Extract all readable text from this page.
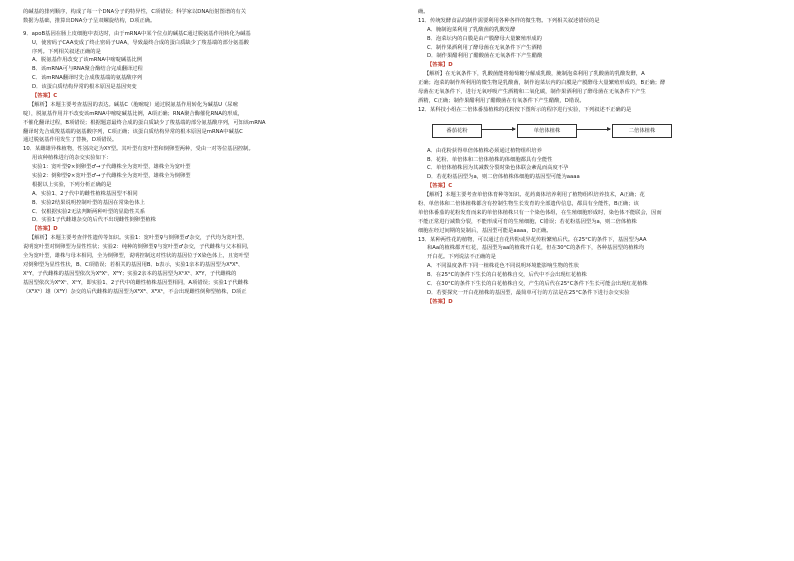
的碱基的排列顺序，构成了每一个DNA分子的特异性，C项错误；科学家以DNA衍射图谱的有关
数据为基础，推算出DNA分子呈双螺旋结构，D项正确。
9．apoB基因在肠上皮细胞中表达时，由于mRNA中某个位点的碱基C通过脱氨基作用转化为碱基
U，使密码子CAA变成了终止密码子UAA，导致最终合成的蛋白质缺少了羧基端的部分氨基酸
序列。下列相关叙述正确的是
A．脱氨基作用改变了该mRNA中嘧啶碱基比例
B．该mRNA可与RNA聚合酶结合完成翻译过程
C．该mRNA翻译时先合成羧基端的氨基酸序列
D．该蛋白质结构异常的根本原因是基因突变
【答案】C
【解析】本题主要考查基因的表达。碱基C（胞嘧啶）通过脱氨基作用转化为碱基U（尿嘧
啶），脱氨基作用并不改变该mRNA中嘧啶碱基比例，A项正确；RNA聚合酶催化RNA的形成，
不催化翻译过程，B项错误；根据题意最终合成的蛋白质缺少了羧基端的部分氨基酸序列，可知该mRNA
翻译时先合成羧基端的氨基酸序列，C项正确；该蛋白质结构异常的根本原因是mRNA中碱基C
通过脱氨基作用发生了替换，D项错误。
10．某雌雄异株植物，性别决定为XY型。其叶型有宽叶型和倒卵型两种，受由一对等位基因控制。
用该种植株进行的杂交实验如下：
实验1：宽叶型♀×倒卵型♂→子代雌株全为宽叶型，雄株全为宽叶型
实验2：倒卵型♀×宽叶型♂→子代雌株全为宽叶型，雄株全为倒卵型
根据以上实验，下列分析正确的是
A．实验1、2子代中的雌性植株基因型不相同
B．实验2结果说明控制叶型的基因在常染色体上
C．仅根据实验2无法判断两种叶型的显隐性关系
D．实验1子代雌雄杂交的后代不出现雌性倒卵型植株
【答案】D
【解析】本题主要考查伴性遗传等知识。实验1：宽叶型♀与倒卵型♂杂交，子代均为宽叶型，
说明宽叶型对倒卵型为显性性状；实验2：纯种的倒卵型♀与宽叶型♂杂交，子代雌株与父本相同，
全为宽叶型，雄株与母本相同，全为倒卵型，说明控制这对性状的基因位于X染色体上，且宽叶型
对倒卵型为显性性状，B、C项错误；若相关的基因用B、b表示，实验1亲本的基因型为XᴮXᴮ、
XᵇY，子代雌株的基因型依次为XᴮXᵇ、XᴮY；实验2亲本的基因型为XᵇXᵇ、XᴮY，子代雌株的
基因型依次为XᴮXᵇ、XᵇY，即实验1、2子代中的雌性植株基因型相同，A项错误；实验1子代雌株
（XᴮXᵇ）雄（XᴮY）杂交的后代雌株的基因型为XᴮXᴮ、XᴮXᵇ，不会出现雌性倒卵型植株，D项正
确。
11．传统发酵食品的制作需要利用各种各样的微生物。下列相关叙述错误的是
A．腌制泡菜利用了乳酸菌的乳酸发酵
B．泡菜坛内的白膜是由产膜酵母大量繁殖形成的
C．制作果酒利用了酵母菌在无氧条件下产生酒精
D．制作果醋利用了醋酸菌在无氧条件下产生醋酸
【答案】D
【解析】在无氧条件下，乳酸菌能将葡萄糖分解成乳酸，腌制泡菜利用了乳酸菌的乳酸发酵，A
正确；泡菜的制作所利用的微生物是乳酸菌，制作泡菜坛内的白膜是产膜酵母大量繁殖形成的，B正确；酵
母菌在无氧条件下，进行无氧呼吸产生酒精和二氧化碳，制作果酒利用了酵母菌在无氧条件下产生
酒精，C正确；制作果醋利用了醋酸菌在有氧条件下产生醋酸，D错误。
12．某科技小组在二倍体番茄植株的花粉按下图所示的程序进行实验，下列叙述不正确的是
番茄花粉	单倍体植株	二倍体植株
A．由花粉获得单倍体植株必须通过植物组织培养
B．花粉、单倍体和二倍体植株的体细胞都具有全能性
C．单倍体植株因为其减数分裂时染色体联会紊乱而高度不孕
D．若花粉基因型为a，则二倍体植株体细胞的基因型可能为aaaa
【答案】C
【解析】本题主要考查单倍体育种等知识。花药离体培养利用了植物组织培养技术，A正确；花
粉、单倍体和二倍体植株都含有控制生物生长发育的全部遗传信息，都具有全能性，B正确；该
单倍体番茄的花粉发育而来的单倍体植株只有一个染色体组，在生殖细胞形成时，染色体不能联会，因而
不能正常进行减数分裂，不能形成可育的生殖细胞，C错误；若花粉基因型为a，则二倍体植株
细胞在经过间期的复制后，基因型可能是aaaa，D正确。
13．某种两性花的植物，可以通过自花传粉或异花传粉繁殖后代。在25°C的条件下，基因型为AA
和Aa的植株都开红花，基因型为aa的植株开白花，但在30°C的条件下，各种基因型的植株均
开白花。下列说法不正确的是
A．不同温度条件下同一植株花色不同说明环境能影响生物的性状
B．在25°C的条件下生长的白花植株自交，后代中不会出现红花植株
C．在30°C的条件下生长的白花植株自交，产生的后代在25°C条件下生长可能会出现红花植株
D．若要探究一开白花植株的基因型，最简单可行的方法是在25°C条件下进行杂交实验
【答案】D
